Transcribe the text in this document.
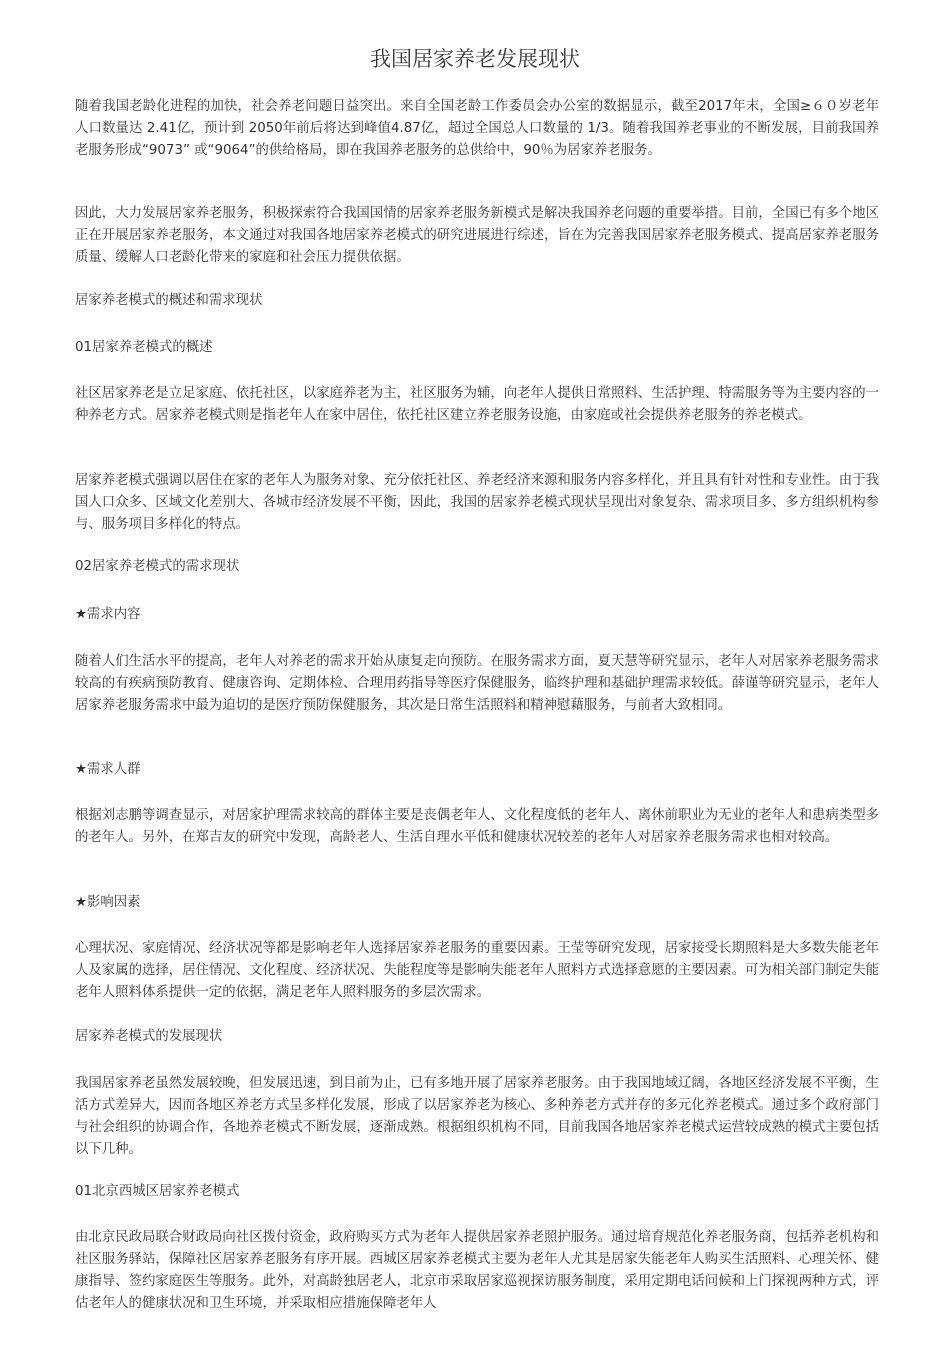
我国居家养老发展现状

随着我国老龄化进程的加快，社会养老问题日益突出。来自全国老龄工作委员会办公室的数据显示，截至2017年末，全国≥６０岁老年人口数量达 2.41亿，预计到 2050年前后将达到峰值4.87亿，超过全国总人口数量的 1/3。随着我国养老事业的不断发展，目前我国养老服务形成“9073” 或“9064”的供给格局，即在我国养老服务的总供给中，90％为居家养老服务。

因此，大力发展居家养老服务，积极探索符合我国国情的居家养老服务新模式是解决我国养老问题的重要举措。目前，全国已有多个地区正在开展居家养老服务，本文通过对我国各地居家养老模式的研究进展进行综述，旨在为完善我国居家养老服务模式、提高居家养老服务质量、缓解人口老龄化带来的家庭和社会压力提供依据。

居家养老模式的概述和需求现状

01居家养老模式的概述

社区居家养老是立足家庭、依托社区，以家庭养老为主，社区服务为辅，向老年人提供日常照料、生活护理、特需服务等为主要内容的一种养老方式。居家养老模式则是指老年人在家中居住，依托社区建立养老服务设施，由家庭或社会提供养老服务的养老模式。

居家养老模式强调以居住在家的老年人为服务对象、充分依托社区、养老经济来源和服务内容多样化，并且具有针对性和专业性。由于我国人口众多、区域文化差别大、各城市经济发展不平衡，因此，我国的居家养老模式现状呈现出对象复杂、需求项目多、多方组织机构参与、服务项目多样化的特点。

02居家养老模式的需求现状

★需求内容

随着人们生活水平的提高，老年人对养老的需求开始从康复走向预防。在服务需求方面，夏天慧等研究显示，老年人对居家养老服务需求较高的有疾病预防教育、健康咨询、定期体检、合理用药指导等医疗保健服务，临终护理和基础护理需求较低。薛谨等研究显示，老年人居家养老服务需求中最为迫切的是医疗预防保健服务，其次是日常生活照料和精神慰藉服务，与前者大致相同。

★需求人群

根据刘志鹏等调查显示，对居家护理需求较高的群体主要是丧偶老年人、文化程度低的老年人、离休前职业为无业的老年人和患病类型多的老年人。另外，在郑吉友的研究中发现，高龄老人、生活自理水平低和健康状况较差的老年人对居家养老服务需求也相对较高。

★影响因素

心理状况、家庭情况、经济状况等都是影响老年人选择居家养老服务的重要因素。王莹等研究发现，居家接受长期照料是大多数失能老年人及家属的选择，居住情况、文化程度、经济状况、失能程度等是影响失能老年人照料方式选择意愿的主要因素。可为相关部门制定失能老年人照料体系提供一定的依据，满足老年人照料服务的多层次需求。

居家养老模式的发展现状

我国居家养老虽然发展较晚，但发展迅速，到目前为止，已有多地开展了居家养老服务。由于我国地域辽阔，各地区经济发展不平衡，生活方式差异大，因而各地区养老方式呈多样化发展，形成了以居家养老为核心、多种养老方式并存的多元化养老模式。通过多个政府部门与社会组织的协调合作，各地养老模式不断发展，逐渐成熟。根据组织机构不同，目前我国各地居家养老模式运营较成熟的模式主要包括以下几种。

01北京西城区居家养老模式

由北京民政局联合财政局向社区拨付资金，政府购买方式为老年人提供居家养老照护服务。通过培育规范化养老服务商，包括养老机构和社区服务驿站，保障社区居家养老服务有序开展。西城区居家养老模式主要为老年人尤其是居家失能老年人购买生活照料、心理关怀、健康指导、签约家庭医生等服务。此外，对高龄独居老人，北京市采取居家巡视探访服务制度，采用定期电话问候和上门探视两种方式，评估老年人的健康状况和卫生环境，并采取相应措施保障老年人
